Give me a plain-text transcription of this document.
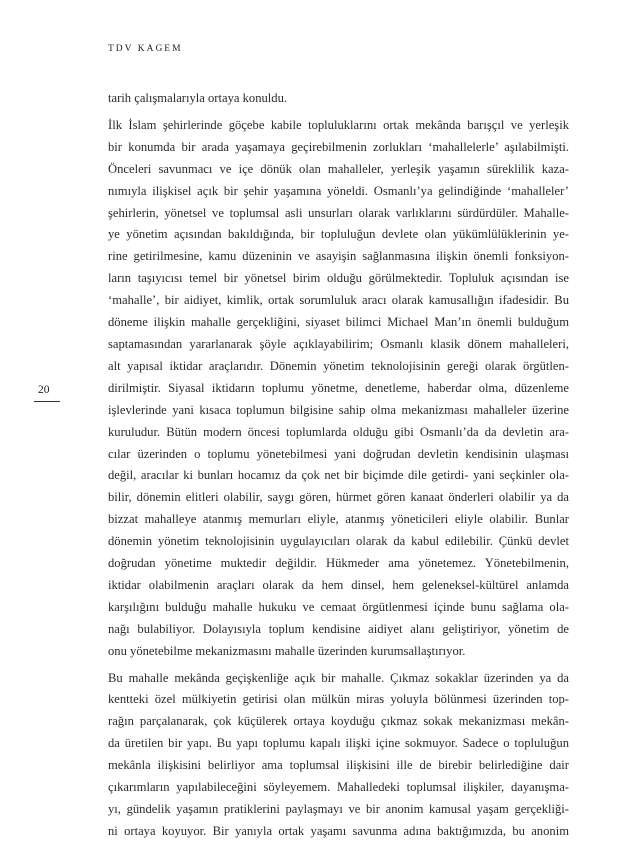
TDV KAGEM
20

tarih çalışmalarıyla ortaya konuldu.

İlk İslam şehirlerinde göçebe kabile topluluklarını ortak mekânda barışçıl ve yerleşik
bir konumda bir arada yaşamaya geçirebilmenin zorlukları ‘mahallelerle’ aşılabilmişti.
Önceleri savunmacı ve içe dönük olan mahalleler, yerleşik yaşamın süreklilik kaza-
nımıyla ilişkisel açık bir şehir yaşamına yöneldi. Osmanlı’ya gelindiğinde ‘mahalleler’
şehirlerin, yönetsel ve toplumsal asli unsurları olarak varlıklarını sürdürdüler. Mahalle-
ye yönetim açısından bakıldığında, bir topluluğun devlete olan yükümlülüklerinin ye-
rine getirilmesine, kamu düzeninin ve asayişin sağlanmasına ilişkin önemli fonksiyon-
ların taşıyıcısı temel bir yönetsel birim olduğu görülmektedir. Topluluk açısından ise
‘mahalle’, bir aidiyet, kimlik, ortak sorumluluk aracı olarak kamusallığın ifadesidir. Bu
döneme ilişkin mahalle gerçekliğini, siyaset bilimci Michael Man’ın önemli bulduğum
saptamasından yararlanarak şöyle açıklayabilirim; Osmanlı klasik dönem mahalleleri,
alt yapısal iktidar araçlarıdır. Dönemin yönetim teknolojisinin gereği olarak örgütlen-
dirilmiştir. Siyasal iktidarın toplumu yönetme, denetleme, haberdar olma, düzenleme
işlevlerinde yani kısaca toplumun bilgisine sahip olma mekanizması mahalleler üzerine
kuruludur. Bütün modern öncesi toplumlarda olduğu gibi Osmanlı’da da devletin ara-
cılar üzerinden o toplumu yönetebilmesi yani doğrudan devletin kendisinin ulaşması
değil, aracılar ki bunları hocamız da çok net bir biçimde dile getirdi- yani seçkinler ola-
bilir, dönemin elitleri olabilir, saygı gören, hürmet gören kanaat önderleri olabilir ya da
bizzat mahalleye atanmış memurları eliyle, atanmış yöneticileri eliyle olabilir. Bunlar
dönemin yönetim teknolojisinin uygulayıcıları olarak da kabul edilebilir. Çünkü devlet
doğrudan yönetime muktedir değildir. Hükmeder ama yönetemez. Yönetebilmenin,
iktidar olabilmenin araçları olarak da hem dinsel, hem geleneksel-kültürel anlamda
karşılığını bulduğu mahalle hukuku ve cemaat örgütlenmesi içinde bunu sağlama ola-
nağı bulabiliyor. Dolayısıyla toplum kendisine aidiyet alanı geliştiriyor, yönetim de
onu yönetebilme mekanizmasını mahalle üzerinden kurumsallaştırıyor.

Bu mahalle mekânda geçişkenliğe açık bir mahalle. Çıkmaz sokaklar üzerinden ya da
kentteki özel mülkiyetin getirisi olan mülkün miras yoluyla bölünmesi üzerinden top-
rağın parçalanarak, çok küçülerek ortaya koyduğu çıkmaz sokak mekanizması mekân-
da üretilen bir yapı. Bu yapı toplumu kapalı ilişki içine sokmuyor. Sadece o topluluğun
mekânla ilişkisini belirliyor ama toplumsal ilişkisini ille de birebir belirlediğine dair
çıkarımların yapılabileceğini söyleyemem. Mahalledeki toplumsal ilişkiler, dayanışma-
yı, gündelik yaşamın pratiklerini paylaşmayı ve bir anonim kamusal yaşam gerçekliği-
ni ortaya koyuyor. Bir yanıyla ortak yaşamı savunma adına baktığımızda, bu anonim
